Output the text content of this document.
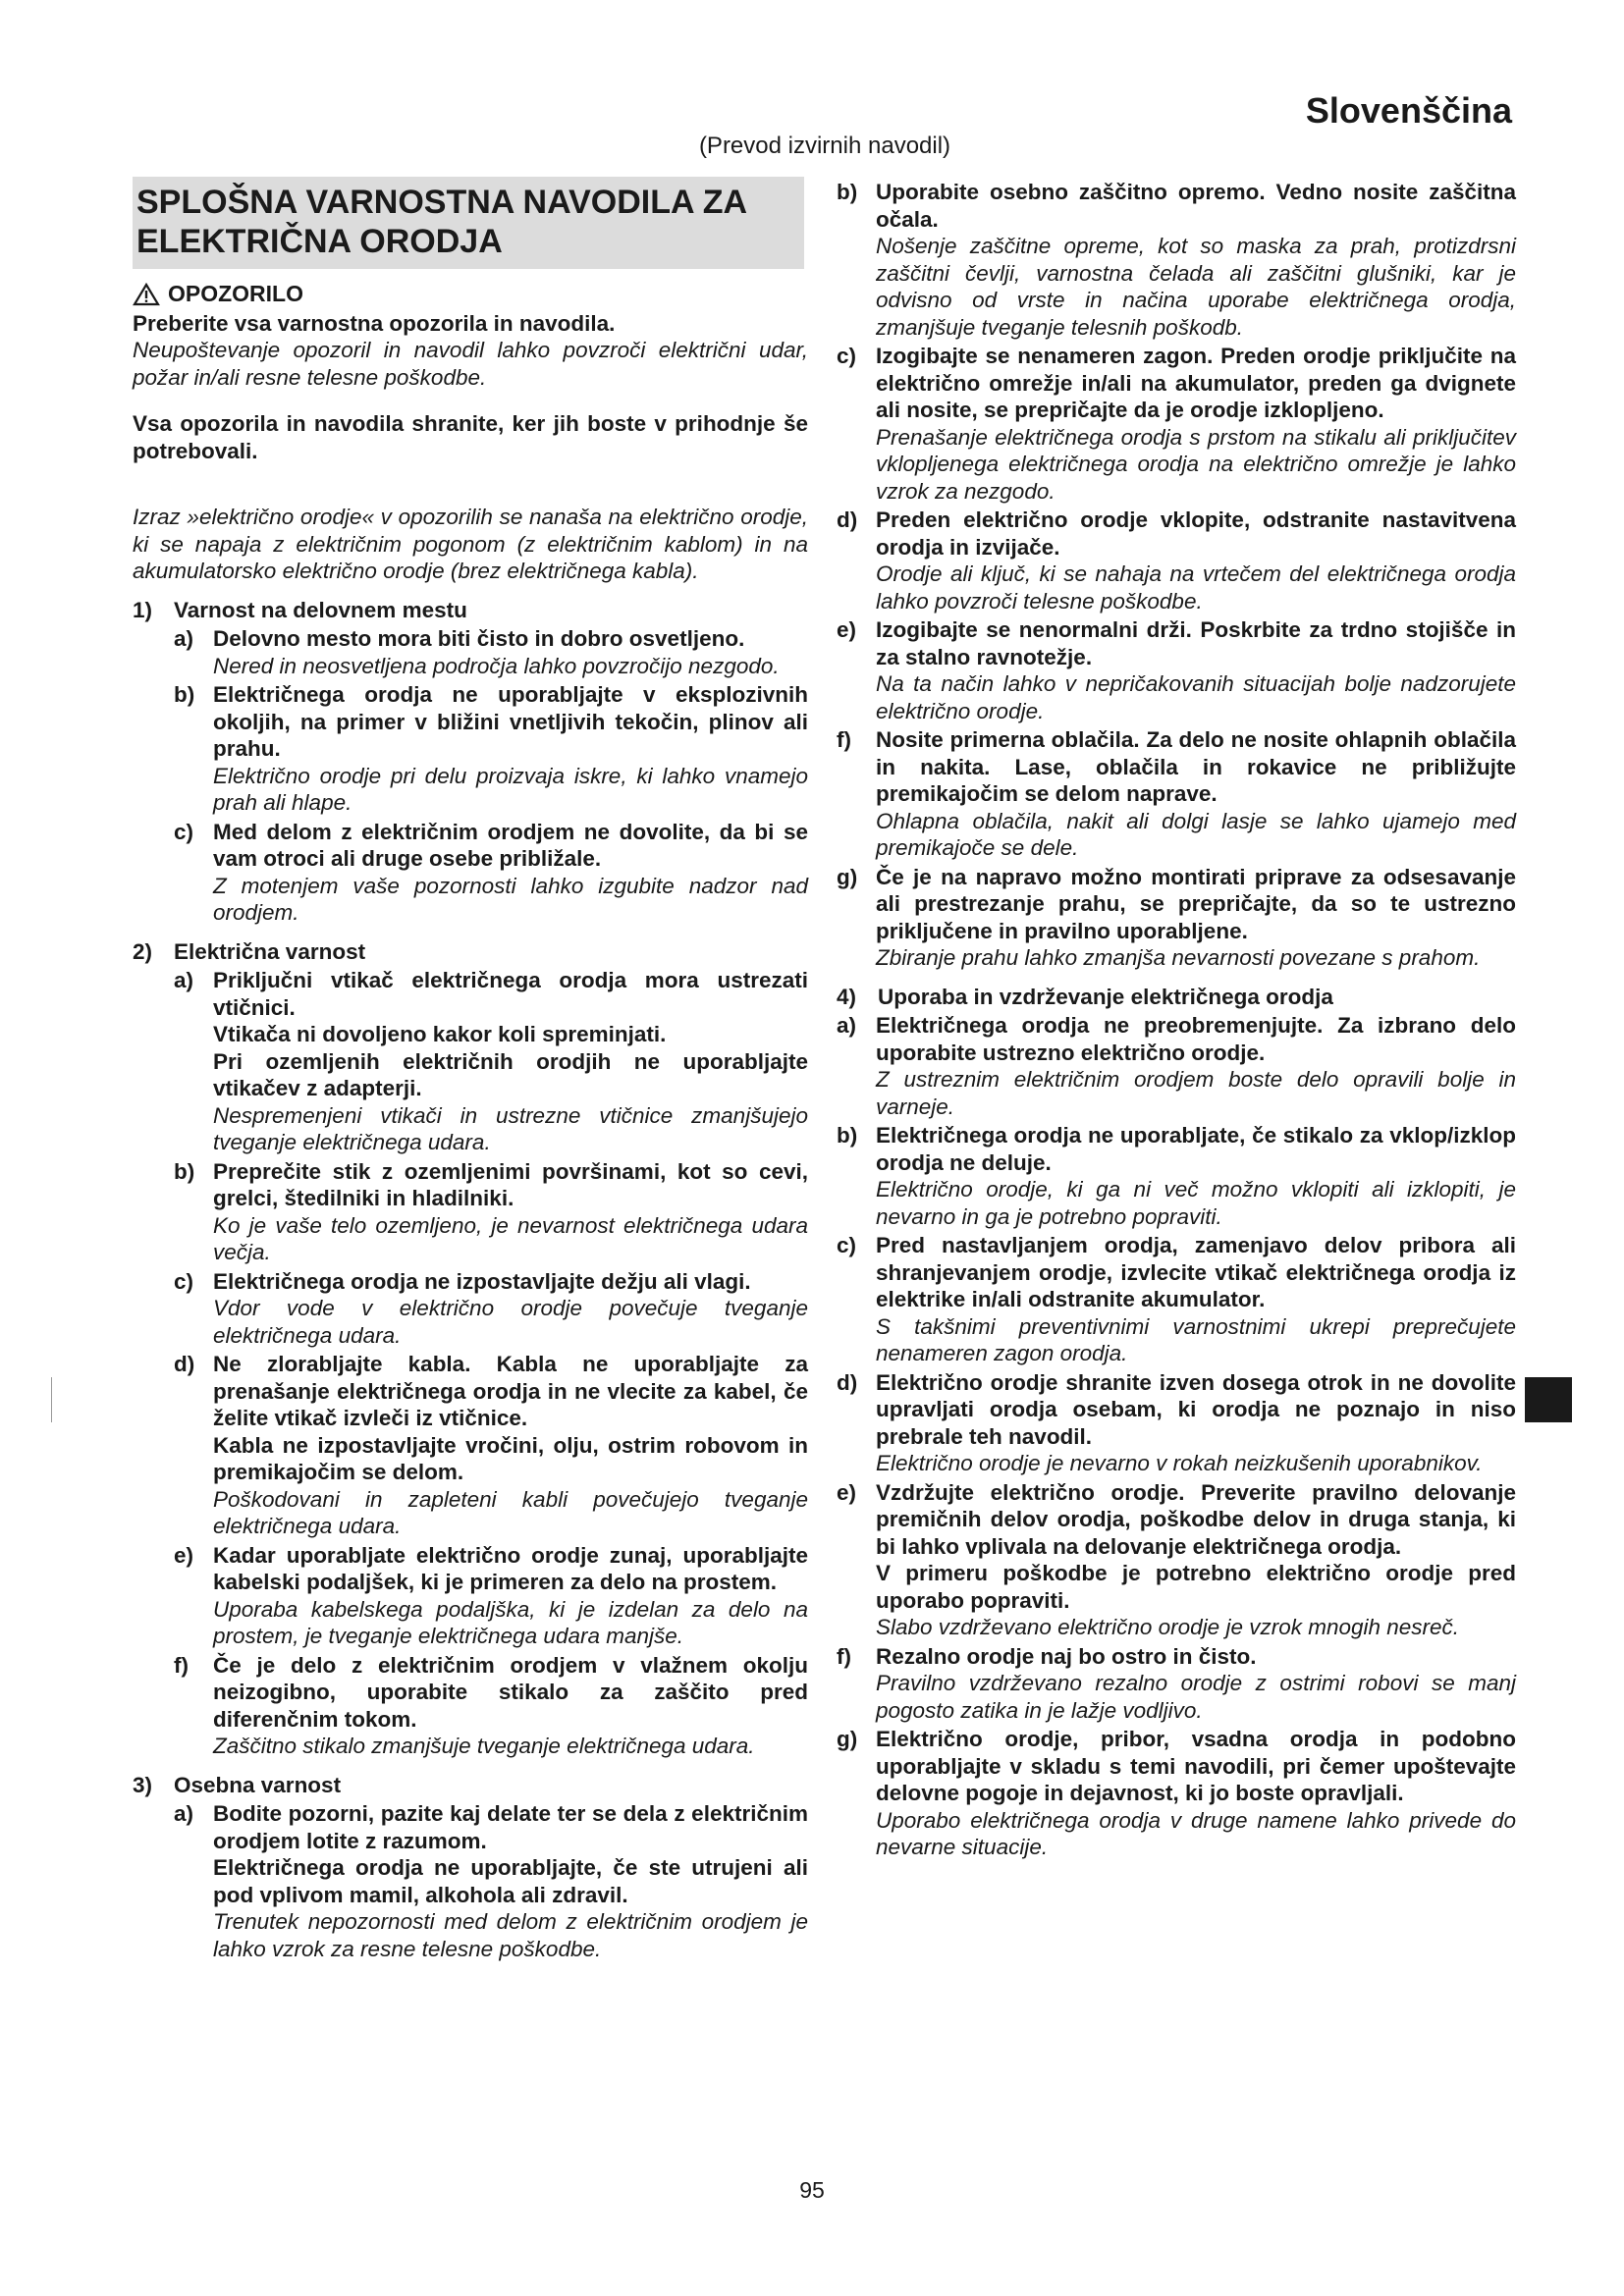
Slovenščina
(Prevod izvirnih navodil)
SPLOŠNA VARNOSTNA NAVODILA ZA ELEKTRIČNA ORODJA
OPOZORILO

Preberite vsa varnostna opozorila in navodila.

Neupoštevanje opozoril in navodil lahko povzroči električni udar, požar in/ali resne telesne poškodbe.

Vsa opozorila in navodila shranite, ker jih boste v prihodnje še potrebovali.

Izraz »električno orodje« v opozorilih se nanaša na električno orodje, ki se napaja z električnim pogonom (z električnim kablom) in na akumulatorsko električno orodje (brez električnega kabla).

1) Varnost na delovnem mestu
a) Delovno mesto mora biti čisto in dobro osvetljeno.

Nered in neosvetljena področja lahko povzročijo nezgodo.

b) Električnega orodja ne uporabljajte v eksplozivnih okoljih, na primer v bližini vnetljivih tekočin, plinov ali prahu.

Električno orodje pri delu proizvaja iskre, ki lahko vnamejo prah ali hlape.

c) Med delom z električnim orodjem ne dovolite, da bi se vam otroci ali druge osebe približale.

Z motenjem vaše pozornosti lahko izgubite nadzor nad orodjem.

2) Električna varnost
a) Priključni vtikač električnega orodja mora ustrezati vtičnici.

Vtikača ni dovoljeno kakor koli spreminjati.

Pri ozemljenih električnih orodjih ne uporabljajte vtikačev z adapterji.

Nespremenjeni vtikači in ustrezne vtičnice zmanjšujejo tveganje električnega udara.

b) Preprečite stik z ozemljenimi površinami, kot so cevi, grelci, štedilniki in hladilniki.

Ko je vaše telo ozemljeno, je nevarnost električnega udara večja.

c) Električnega orodja ne izpostavljajte dežju ali vlagi.

Vdor vode v električno orodje povečuje tveganje električnega udara.

d) Ne zlorabljajte kabla. Kabla ne uporabljajte za prenašanje električnega orodja in ne vlecite za kabel, če želite vtikač izvleči iz vtičnice.

Kabla ne izpostavljajte vročini, olju, ostrim robovom in premikajočim se delom.

Poškodovani in zapleteni kabli povečujejo tveganje električnega udara.

e) Kadar uporabljate električno orodje zunaj, uporabljajte kabelski podaljšek, ki je primeren za delo na prostem.

Uporaba kabelskega podaljška, ki je izdelan za delo na prostem, je tveganje električnega udara manjše.

f)	Če je delo z električnim orodjem v vlažnem okolju neizogibno, uporabite stikalo za zaščito pred diferenčnim tokom.

Zaščitno stikalo zmanjšuje tveganje električnega udara.

3) Osebna varnost
a) Bodite pozorni, pazite kaj delate ter se dela z električnim orodjem lotite z razumom.

Električnega orodja ne uporabljajte, če ste utrujeni ali pod vplivom mamil, alkohola ali zdravil.

Trenutek nepozornosti med delom z električnim orodjem je lahko vzrok za resne telesne poškodbe.

b) Uporabite osebno zaščitno opremo. Vedno nosite zaščitna očala.

Nošenje zaščitne opreme, kot so maska za prah, protizdrsni zaščitni čevlji, varnostna čelada ali zaščitni glušniki, kar je odvisno od vrste in načina uporabe električnega orodja, zmanjšuje tveganje telesnih poškodb.

c) Izogibajte se nenameren zagon. Preden orodje priključite na električno omrežje in/ali na akumulator, preden ga dvignete ali nosite, se prepričajte da je orodje izklopljeno.

Prenašanje električnega orodja s prstom na stikalu ali priključitev vklopljenega električnega orodja na električno omrežje je lahko vzrok za nezgodo.

d) Preden električno orodje vklopite, odstranite nastavitvena orodja in izvijače.

Orodje ali ključ, ki se nahaja na vrtečem del električnega orodja lahko povzroči telesne poškodbe.

e) Izogibajte se nenormalni drži. Poskrbite za trdno stojišče in za stalno ravnotežje.

Na ta način lahko v nepričakovanih situacijah bolje nadzorujete električno orodje.

f)	Nosite primerna oblačila. Za delo ne nosite ohlapnih oblačila in nakita. Lase, oblačila in rokavice ne približujte premikajočim se delom naprave.

Ohlapna oblačila, nakit ali dolgi lasje se lahko ujamejo med premikajoče se dele.

g) Če je na napravo možno montirati priprave za odsesavanje ali prestrezanje prahu, se prepričajte, da so te ustrezno priključene in pravilno uporabljene.

Zbiranje prahu lahko zmanjša nevarnosti povezane s prahom.

4) Uporaba in vzdrževanje električnega orodja
a) Električnega orodja ne preobremenjujte. Za izbrano delo uporabite ustrezno električno orodje.

Z ustreznim električnim orodjem boste delo opravili bolje in varneje.

b) Električnega orodja ne uporabljate, če stikalo za vklop/izklop orodja ne deluje.

Električno orodje, ki ga ni več možno vklopiti ali izklopiti, je nevarno in ga je potrebno popraviti.

c) Pred nastavljanjem orodja, zamenjavo delov pribora ali shranjevanjem orodje, izvlecite vtikač električnega orodja iz elektrike in/ali odstranite akumulator.

S takšnimi preventivnimi varnostnimi ukrepi preprečujete nenameren zagon orodja.

d) Električno orodje shranite izven dosega otrok in ne dovolite upravljati orodja osebam, ki orodja ne poznajo in niso prebrale teh navodil.

Električno orodje je nevarno v rokah neizkušenih uporabnikov.

e) Vzdržujte električno orodje. Preverite pravilno delovanje premičnih delov orodja, poškodbe delov in druga stanja, ki bi lahko vplivala na delovanje električnega orodja.

V primeru poškodbe je potrebno električno orodje pred uporabo popraviti.

Slabo vzdrževano električno orodje je vzrok mnogih nesreč.

f)	Rezalno orodje naj bo ostro in čisto.

Pravilno vzdrževano rezalno orodje z ostrimi robovi se manj pogosto zatika in je lažje vodljivo.

g) Električno orodje, pribor, vsadna orodja in podobno uporabljajte v skladu s temi navodili, pri čemer upoštevajte delovne pogoje in dejavnost, ki jo boste opravljali.

Uporabo električnega orodja v druge namene lahko privede do nevarne situacije.

95
